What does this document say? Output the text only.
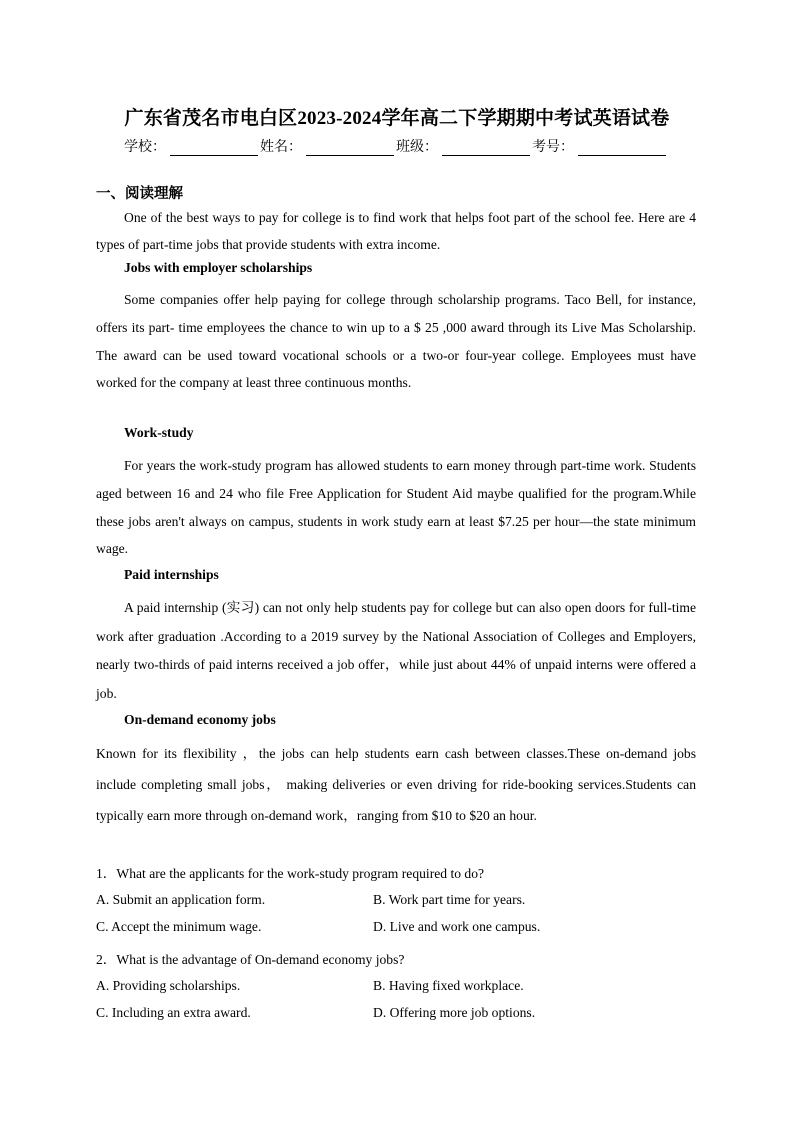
广东省茂名市电白区2023-2024学年高二下学期期中考试英语试卷
学校：	姓名：	班级：	考号：
一、阅读理解
One of the best ways to pay for college is to find work that helps foot part of the school fee. Here are 4 types of part-time jobs that provide students with extra income.
Jobs with employer scholarships
Some companies offer help paying for college through scholarship programs. Taco Bell, for instance, offers its part- time employees the chance to win up to a $ 25 ,000 award through its Live Mas Scholarship. The award can be used toward vocational schools or a two-or four-year college. Employees must have worked for the company at least three continuous months.
Work-study
For years the work-study program has allowed students to earn money through part-time work. Students aged between 16 and 24 who file Free Application for Student Aid maybe qualified for the program.While these jobs aren't always on campus, students in work study earn at least $7.25 per hour—the state minimum wage.
Paid internships
A paid internship (实习) can not only help students pay for college but can also open doors for full-time work after graduation .According to a 2019 survey by the National Association of Colleges and Employers, nearly two-thirds of paid interns received a job offer，while just about 44% of unpaid interns were offered a job.
On-demand economy jobs
Known for its flexibility ，the jobs can help students earn cash between classes.These on-demand jobs include completing small jobs， making deliveries or even driving for ride-booking services.Students can typically earn more through on-demand work，ranging from $10 to $20 an hour.
1．What are the applicants for the work-study program required to do?
A. Submit an application form.	B. Work part time for years.
C. Accept the minimum wage.	D. Live and work one campus.
2．What is the advantage of On-demand economy jobs?
A. Providing scholarships.	B. Having fixed workplace.
C. Including an extra award.	D. Offering more job options.
